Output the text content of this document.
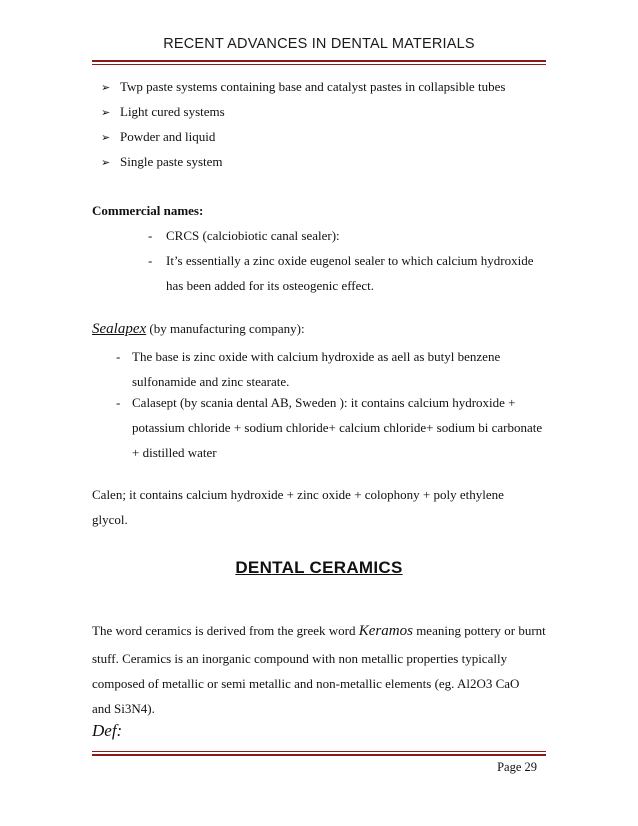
RECENT ADVANCES IN DENTAL MATERIALS
➢ Twp paste systems containing base and catalyst pastes in collapsible tubes
➢ Light cured systems
➢ Powder and liquid
➢ Single paste system
Commercial names:
- CRCS (calciobiotic canal sealer):
- It’s essentially a zinc oxide eugenol sealer to which calcium hydroxide
has been added for its osteogenic effect.
Sealapex (by manufacturing company):
- The base is zinc oxide with calcium hydroxide as aell as butyl benzene
sulfonamide and zinc stearate.
- Calasept (by scania dental AB, Sweden ): it contains calcium hydroxide +
potassium chloride + sodium chloride+ calcium chloride+ sodium bi carbonate
+ distilled water
Calen; it contains calcium hydroxide + zinc oxide + colophony + poly ethylene
glycol.
DENTAL CERAMICS
The word ceramics is derived from the greek word Keramos meaning pottery or burnt
stuff. Ceramics is an inorganic compound with non metallic properties typically
composed of metallic or semi metallic and non-metallic elements (eg. Al2O3 CaO
and Si3N4).
Def:
Page 29
